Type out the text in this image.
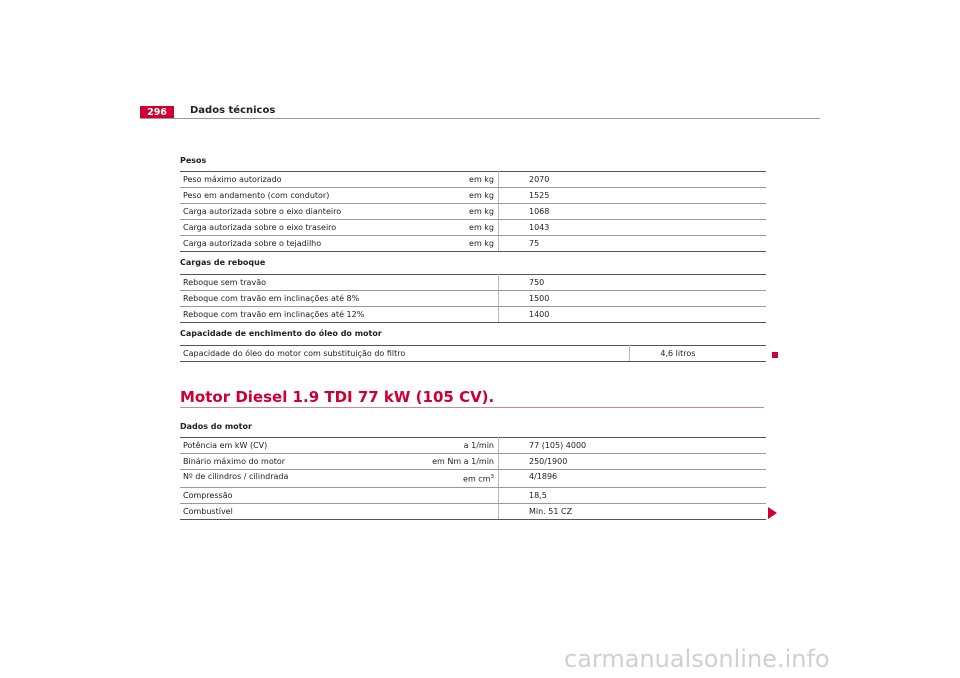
296	Dados técnicos
Pesos
Peso máximo autorizado	em kg	2070
Peso em andamento (com condutor)	em kg	1525
Carga autorizada sobre o eixo dianteiro	em kg	1068
Carga autorizada sobre o eixo traseiro	em kg	1043
Carga autorizada sobre o tejadilho	em kg	75
Cargas de reboque
Reboque sem travão		750
Reboque com travão em inclinações até 8%		1500
Reboque com travão em inclinações até 12%		1400
Capacidade de enchimento do óleo do motor
Capacidade do óleo do motor com substituição do filtro	4,6 litros
Motor Diesel 1.9 TDI 77 kW (105 CV).
Dados do motor
Potência em kW (CV)	a 1/min	77 (105) 4000
Binário máximo do motor	em Nm a 1/min	250/1900
Nº de cilindros / cilindrada	em $cm^3$	4/1896
Compressão		18,5
Combustível		Min. 51 CZ
carmanualsonline.info
